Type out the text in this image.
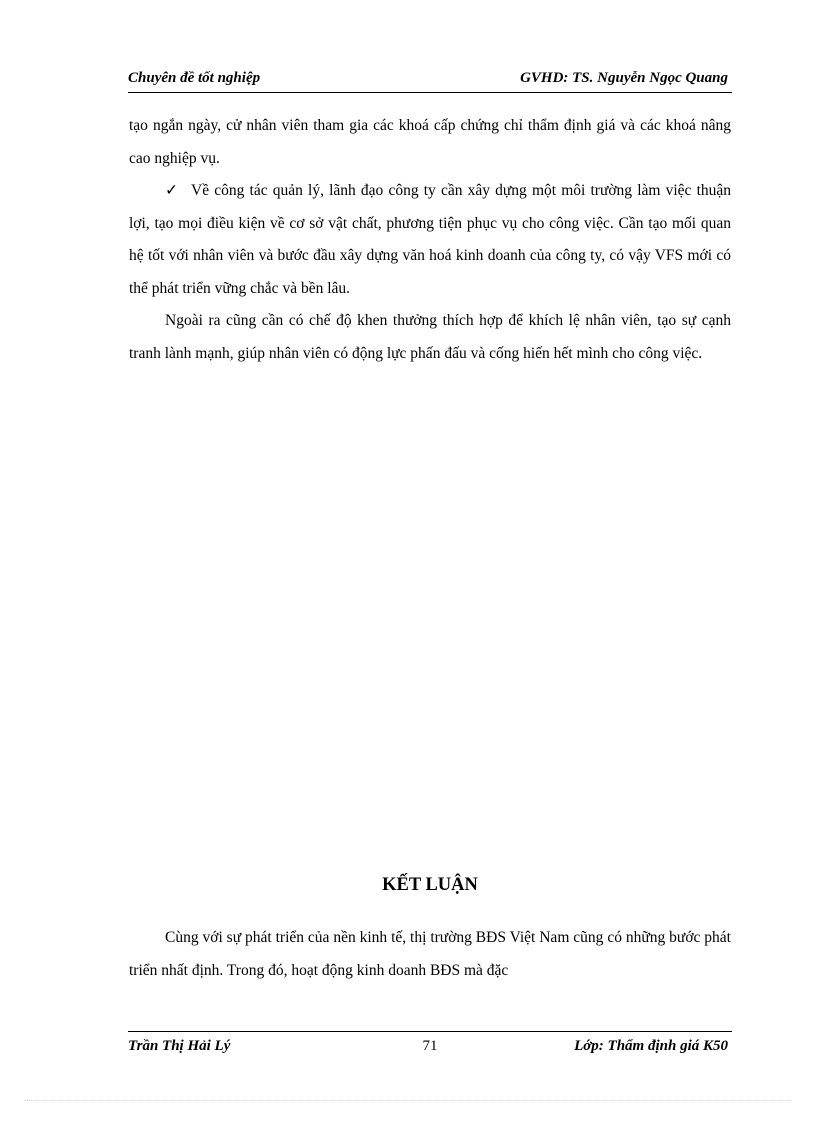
Chuyên đề tốt nghiệp	GVHD: TS. Nguyễn Ngọc Quang

tạo ngắn ngày, cử nhân viên tham gia các khoá cấp chứng chỉ thẩm định giá và các khoá nâng cao nghiệp vụ.

✓ Về công tác quản lý, lãnh đạo công ty cần xây dựng một môi trường làm việc thuận lợi, tạo mọi điều kiện về cơ sở vật chất, phương tiện phục vụ cho công việc. Cần tạo mối quan hệ tốt với nhân viên và bước đầu xây dựng văn hoá kinh doanh của công ty, có vậy VFS mới có thể phát triển vững chắc và bền lâu.

Ngoài ra cũng cần có chế độ khen thưởng thích hợp để khích lệ nhân viên, tạo sự cạnh tranh lành mạnh, giúp nhân viên có động lực phấn đấu và cống hiến hết mình cho công việc.

KẾT LUẬN

Cùng với sự phát triển của nền kinh tế, thị trường BĐS Việt Nam cũng có những bước phát triển nhất định. Trong đó, hoạt động kinh doanh BĐS mà đặc

Trần Thị Hải Lý	71	Lớp: Thẩm định giá K50
